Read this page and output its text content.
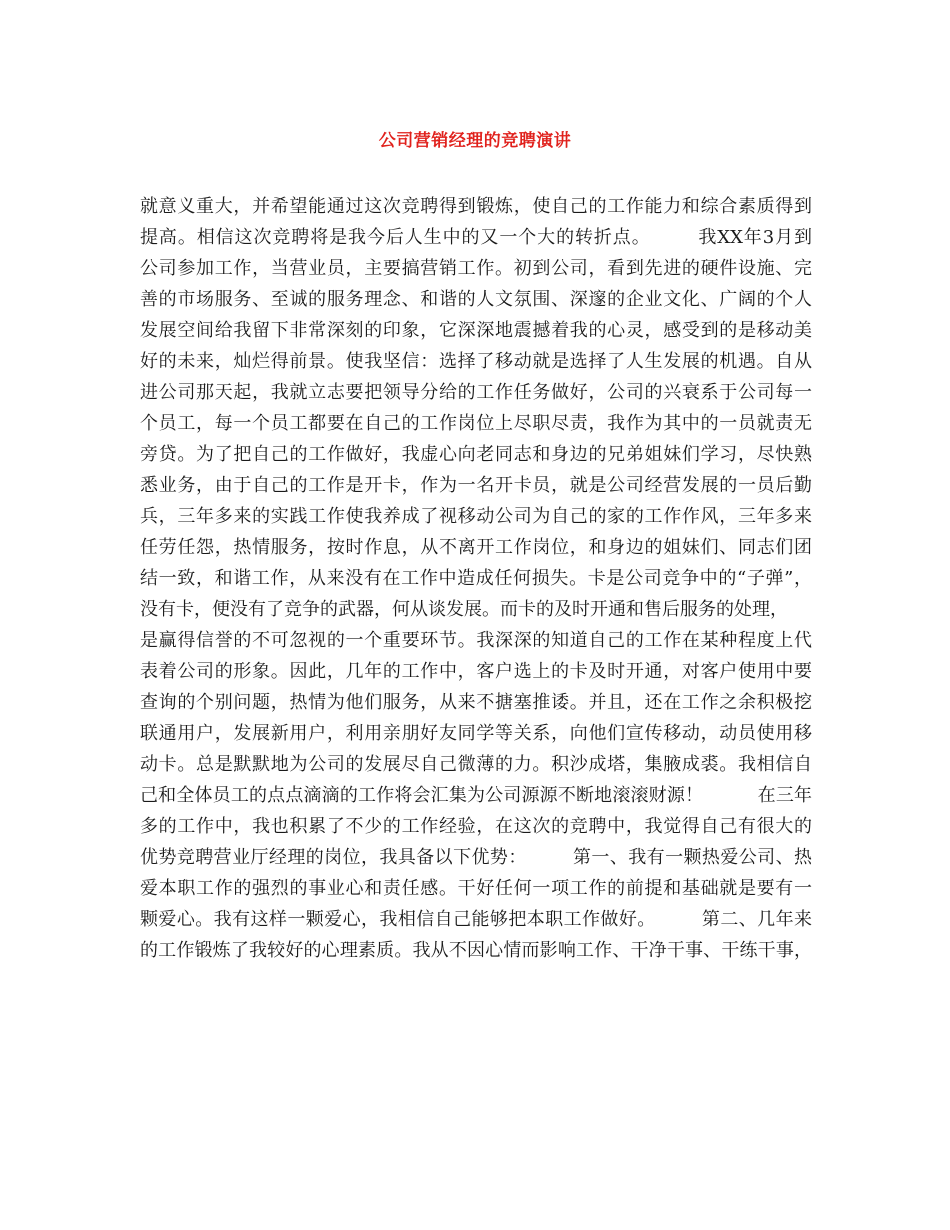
公司营销经理的竞聘演讲
就意义重大，并希望能通过这次竞聘得到锻炼，使自己的工作能力和综合素质得到
提高。相信这次竞聘将是我今后人生中的又一个大的转折点。　　　我XX年3月到
公司参加工作，当营业员，主要搞营销工作。初到公司，看到先进的硬件设施、完
善的市场服务、至诚的服务理念、和谐的人文氛围、深邃的企业文化、广阔的个人
发展空间给我留下非常深刻的印象，它深深地震撼着我的心灵，感受到的是移动美
好的未来，灿烂得前景。使我坚信：选择了移动就是选择了人生发展的机遇。自从
进公司那天起，我就立志要把领导分给的工作任务做好，公司的兴衰系于公司每一
个员工，每一个员工都要在自己的工作岗位上尽职尽责，我作为其中的一员就责无
旁贷。为了把自己的工作做好，我虚心向老同志和身边的兄弟姐妹们学习，尽快熟
悉业务，由于自己的工作是开卡，作为一名开卡员，就是公司经营发展的一员后勤
兵，三年多来的实践工作使我养成了视移动公司为自己的家的工作作风，三年多来
任劳任怨，热情服务，按时作息，从不离开工作岗位，和身边的姐妹们、同志们团
结一致，和谐工作，从来没有在工作中造成任何损失。卡是公司竞争中的“子弹”，
没有卡，便没有了竞争的武器，何从谈发展。而卡的及时开通和售后服务的处理，
是赢得信誉的不可忽视的一个重要环节。我深深的知道自己的工作在某种程度上代
表着公司的形象。因此，几年的工作中，客户选上的卡及时开通，对客户使用中要
查询的个别问题，热情为他们服务，从来不搪塞推诿。并且，还在工作之余积极挖
联通用户，发展新用户，利用亲朋好友同学等关系，向他们宣传移动，动员使用移
动卡。总是默默地为公司的发展尽自己微薄的力。积沙成塔，集腋成裘。我相信自
己和全体员工的点点滴滴的工作将会汇集为公司源源不断地滚滚财源！　　　在三年
多的工作中，我也积累了不少的工作经验，在这次的竞聘中，我觉得自己有很大的
优势竞聘营业厅经理的岗位，我具备以下优势：　　　第一、我有一颗热爱公司、热
爱本职工作的强烈的事业心和责任感。干好任何一项工作的前提和基础就是要有一
颗爱心。我有这样一颗爱心，我相信自己能够把本职工作做好。　　　第二、几年来
的工作锻炼了我较好的心理素质。我从不因心情而影响工作、干净干事、干练干事，
